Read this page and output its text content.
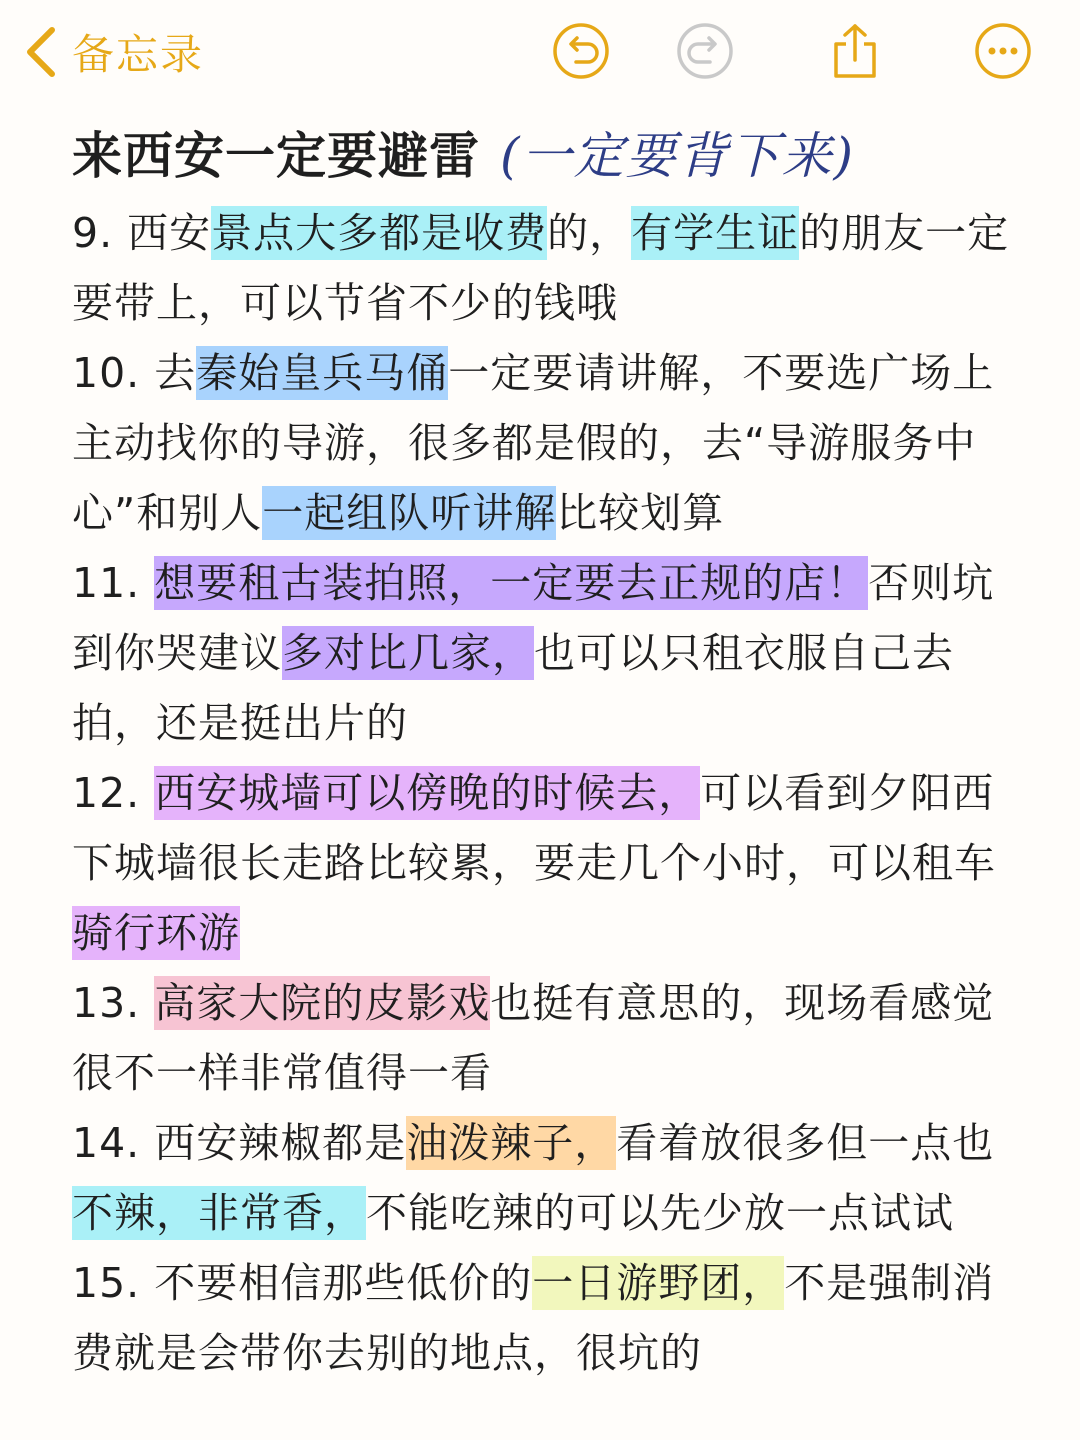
备忘录
来西安一定要避雷 (一定要背下来)

9. 西安景点大多都是收费的，有学生证的朋友一定要带上，可以节省不少的钱哦

10. 去秦始皇兵马俑一定要请讲解，不要选广场上主动找你的导游，很多都是假的，去“导游服务中心”和别人一起组队听讲解比较划算

11. 想要租古装拍照，一定要去正规的店！否则坑到你哭建议多对比几家，也可以只租衣服自己去拍，还是挺出片的

12. 西安城墙可以傍晚的时候去，可以看到夕阳西下城墙很长走路比较累，要走几个小时，可以租车骑行环游

13. 高家大院的皮影戏也挺有意思的，现场看感觉很不一样非常值得一看

14. 西安辣椒都是油泼辣子，看着放很多但一点也不辣，非常香，不能吃辣的可以先少放一点试试

15. 不要相信那些低价的一日游野团，不是强制消费就是会带你去别的地点，很坑的
